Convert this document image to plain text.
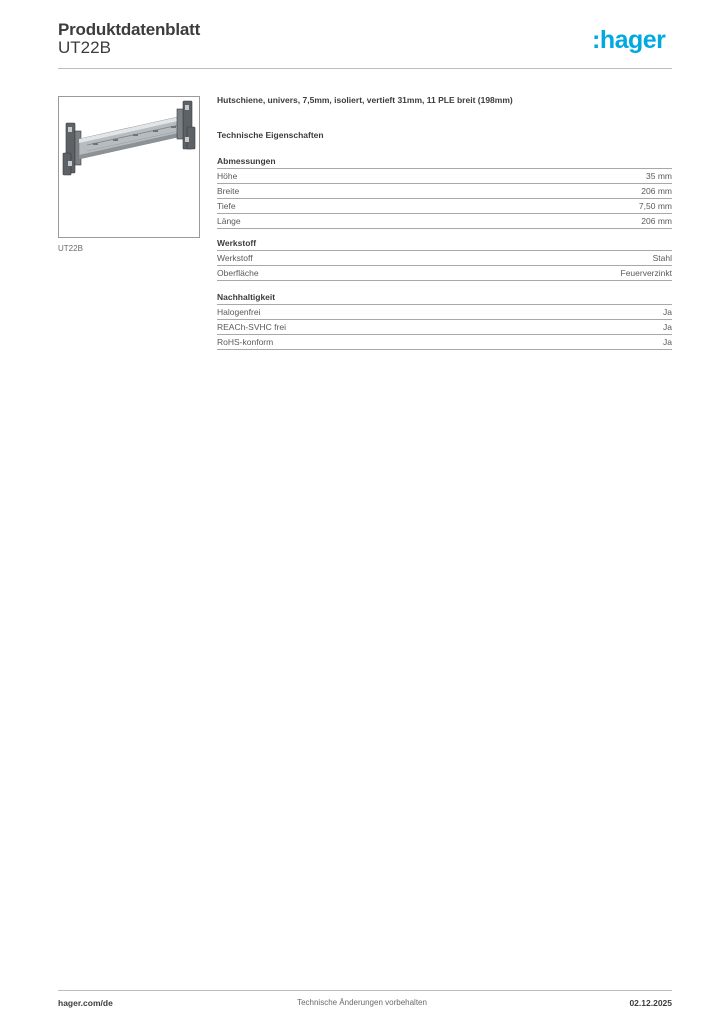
Produktdatenblatt
UT22B	:hager
UT22B
Hutschiene, univers, 7,5mm, isoliert, vertieft 31mm, 11 PLE breit (198mm)
Technische Eigenschaften
Abmessungen
Höhe	35 mm
Breite	206 mm
Tiefe	7,50 mm
Länge	206 mm
Werkstoff
Werkstoff	Stahl
Oberfläche	Feuerverzinkt
Nachhaltigkeit
Halogenfrei	Ja
REACh-SVHC frei	Ja
RoHS-konform	Ja
hager.com/de	Technische Änderungen vorbehalten	02.12.2025
